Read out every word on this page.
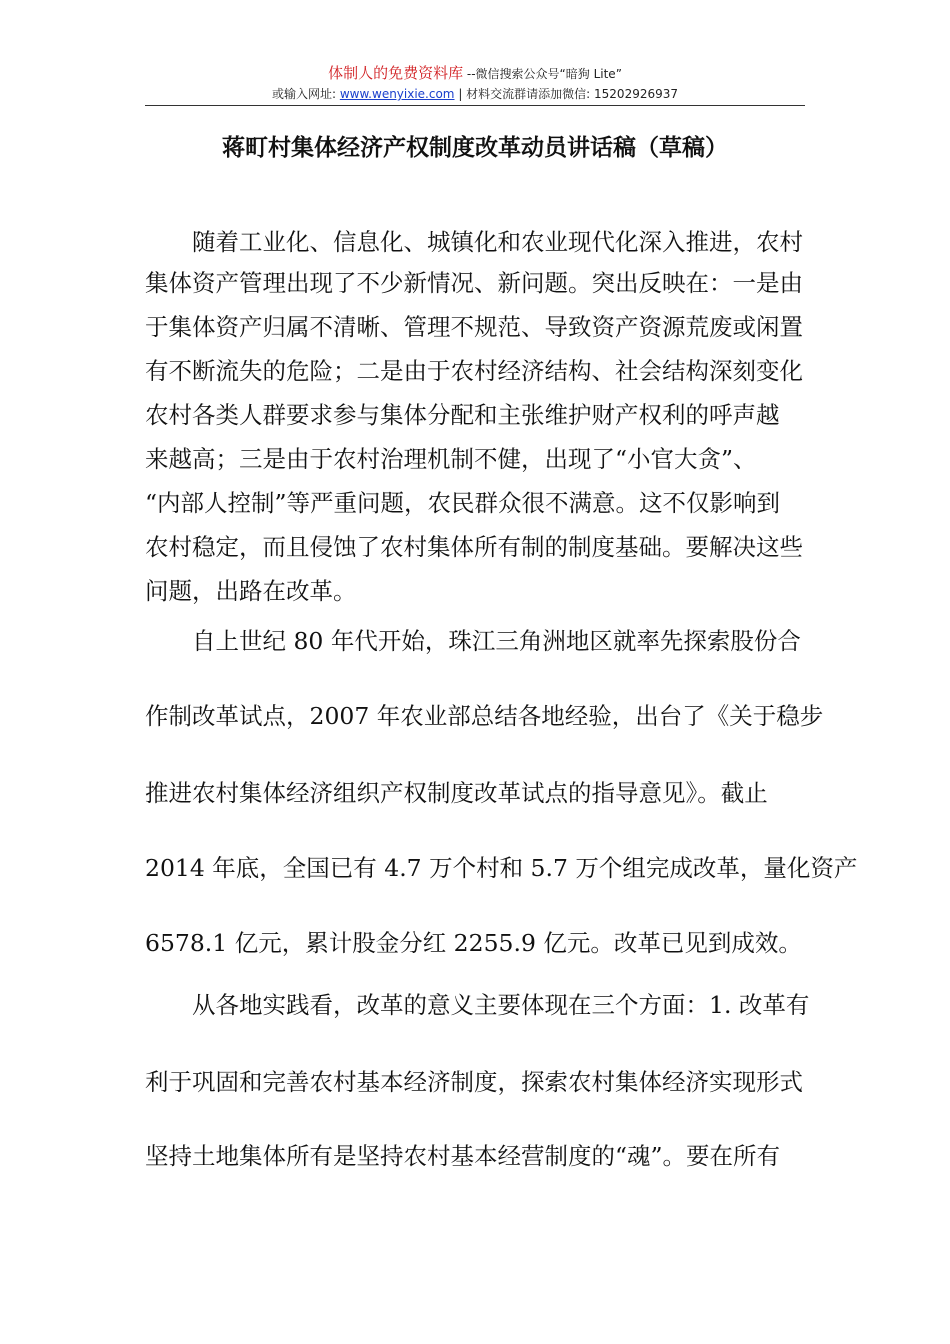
体制人的免费资料库 --微信搜索公众号“暗狗 Lite”
或输入网址: www.wenyixie.com | 材料交流群请添加微信: 15202926937
蒋町村集体经济产权制度改革动员讲话稿（草稿）
随着工业化、信息化、城镇化和农业现代化深入推进，农村
集体资产管理出现了不少新情况、新问题。突出反映在：一是由
于集体资产归属不清晰、管理不规范、导致资产资源荒废或闲置
有不断流失的危险；二是由于农村经济结构、社会结构深刻变化
农村各类人群要求参与集体分配和主张维护财产权利的呼声越
来越高；三是由于农村治理机制不健，出现了“小官大贪”、
“内部人控制”等严重问题，农民群众很不满意。这不仅影响到
农村稳定，而且侵蚀了农村集体所有制的制度基础。要解决这些
问题，出路在改革。
自上世纪 80 年代开始，珠江三角洲地区就率先探索股份合
作制改革试点，2007 年农业部总结各地经验，出台了《关于稳步
推进农村集体经济组织产权制度改革试点的指导意见》。截止
2014 年底，全国已有 4.7 万个村和 5.7 万个组完成改革，量化资产
6578.1 亿元，累计股金分红 2255.9 亿元。改革已见到成效。
从各地实践看，改革的意义主要体现在三个方面：1. 改革有
利于巩固和完善农村基本经济制度，探索农村集体经济实现形式
坚持土地集体所有是坚持农村基本经营制度的“魂”。要在所有
